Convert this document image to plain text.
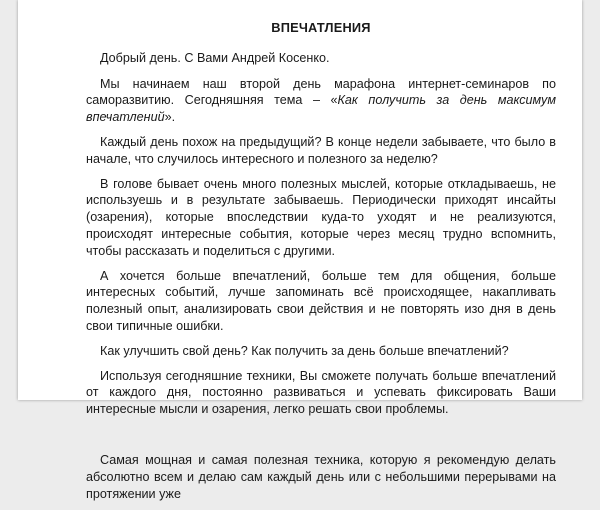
ВПЕЧАТЛЕНИЯ

Добрый день. С Вами Андрей Косенко.

Мы начинаем наш второй день марафона интернет-семинаров по саморазвитию. Сегодняшняя тема – «Как получить за день максимум впечатлений».

Каждый день похож на предыдущий? В конце недели забываете, что было в начале, что случилось интересного и полезного за неделю?

В голове бывает очень много полезных мыслей, которые откладываешь, не используешь и в результате забываешь. Периодически приходят инсайты (озарения), которые впоследствии куда-то уходят и не реализуются, происходят интересные события, которые через месяц трудно вспомнить, чтобы рассказать и поделиться с другими.

А хочется больше впечатлений, больше тем для общения, больше интересных событий, лучше запоминать всё происходящее, накапливать полезный опыт, анализировать свои действия и не повторять изо дня в день свои типичные ошибки.

Как улучшить свой день? Как получить за день больше впечатлений?

Используя сегодняшние техники, Вы сможете получать больше впечатлений от каждого дня, постоянно развиваться и успевать фиксировать Ваши интересные мысли и озарения, легко решать свои проблемы.

Самая мощная и самая полезная техника, которую я рекомендую делать абсолютно всем и делаю сам каждый день или с небольшими перерывами на протяжении уже
